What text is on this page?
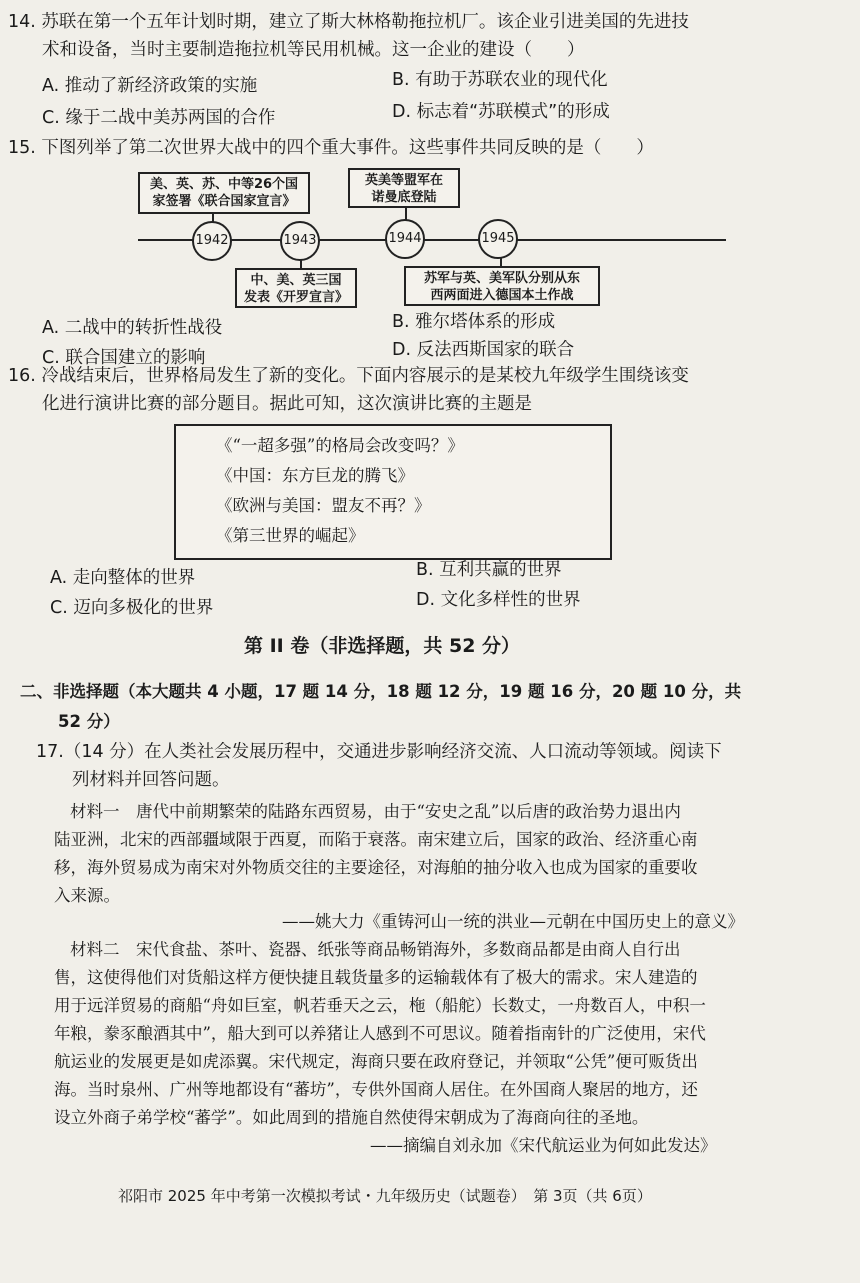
14. 苏联在第一个五年计划时期，建立了斯大林格勒拖拉机厂。该企业引进美国的先进技
术和设备，当时主要制造拖拉机等民用机械。这一企业的建设（　　）
A. 推动了新经济政策的实施	B. 有助于苏联农业的现代化
C. 缘于二战中美苏两国的合作	D. 标志着“苏联模式”的形成
15. 下图列举了第二次世界大战中的四个重大事件。这些事件共同反映的是（　　）
1942	1943	1944	1945
美、英、苏、中等26个国
家签署《联合国家宣言》
中、美、英三国
发表《开罗宣言》
英美等盟军在
诺曼底登陆
苏军与英、美军队分别从东
西两面进入德国本土作战
A. 二战中的转折性战役	B. 雅尔塔体系的形成
C. 联合国建立的影响	D. 反法西斯国家的联合
16. 冷战结束后，世界格局发生了新的变化。下面内容展示的是某校九年级学生围绕该变
化进行演讲比赛的部分题目。据此可知，这次演讲比赛的主题是
《“一超多强”的格局会改变吗？》
《中国：东方巨龙的腾飞》
《欧洲与美国：盟友不再？》
《第三世界的崛起》
A. 走向整体的世界	B. 互利共赢的世界
C. 迈向多极化的世界	D. 文化多样性的世界
第 II 卷（非选择题，共 52 分）
二、非选择题（本大题共 4 小题，17 题 14 分，18 题 12 分，19 题 16 分，20 题 10 分，共
52 分）
17.（14 分）在人类社会发展历程中，交通进步影响经济交流、人口流动等领域。阅读下
列材料并回答问题。
材料一　唐代中前期繁荣的陆路东西贸易，由于“安史之乱”以后唐的政治势力退出内
陆亚洲，北宋的西部疆域限于西夏，而陷于衰落。南宋建立后，国家的政治、经济重心南
移，海外贸易成为南宋对外物质交往的主要途径，对海舶的抽分收入也成为国家的重要收
入来源。
——姚大力《重铸河山一统的洪业—元朝在中国历史上的意义》
材料二　宋代食盐、茶叶、瓷器、纸张等商品畅销海外，多数商品都是由商人自行出
售，这使得他们对货船这样方便快捷且载货量多的运输载体有了极大的需求。宋人建造的
用于远洋贸易的商船“舟如巨室，帆若垂天之云，柂（船舵）长数丈，一舟数百人，中积一
年粮，豢豕酿酒其中”，船大到可以养猪让人感到不可思议。随着指南针的广泛使用，宋代
航运业的发展更是如虎添翼。宋代规定，海商只要在政府登记，并领取“公凭”便可贩货出
海。当时泉州、广州等地都设有“蕃坊”，专供外国商人居住。在外国商人聚居的地方，还
设立外商子弟学校“蕃学”。如此周到的措施自然使得宋朝成为了海商向往的圣地。
——摘编自刘永加《宋代航运业为何如此发达》
祁阳市 2025 年中考第一次模拟考试・九年级历史（试题卷）　第 3页（共 6页）
